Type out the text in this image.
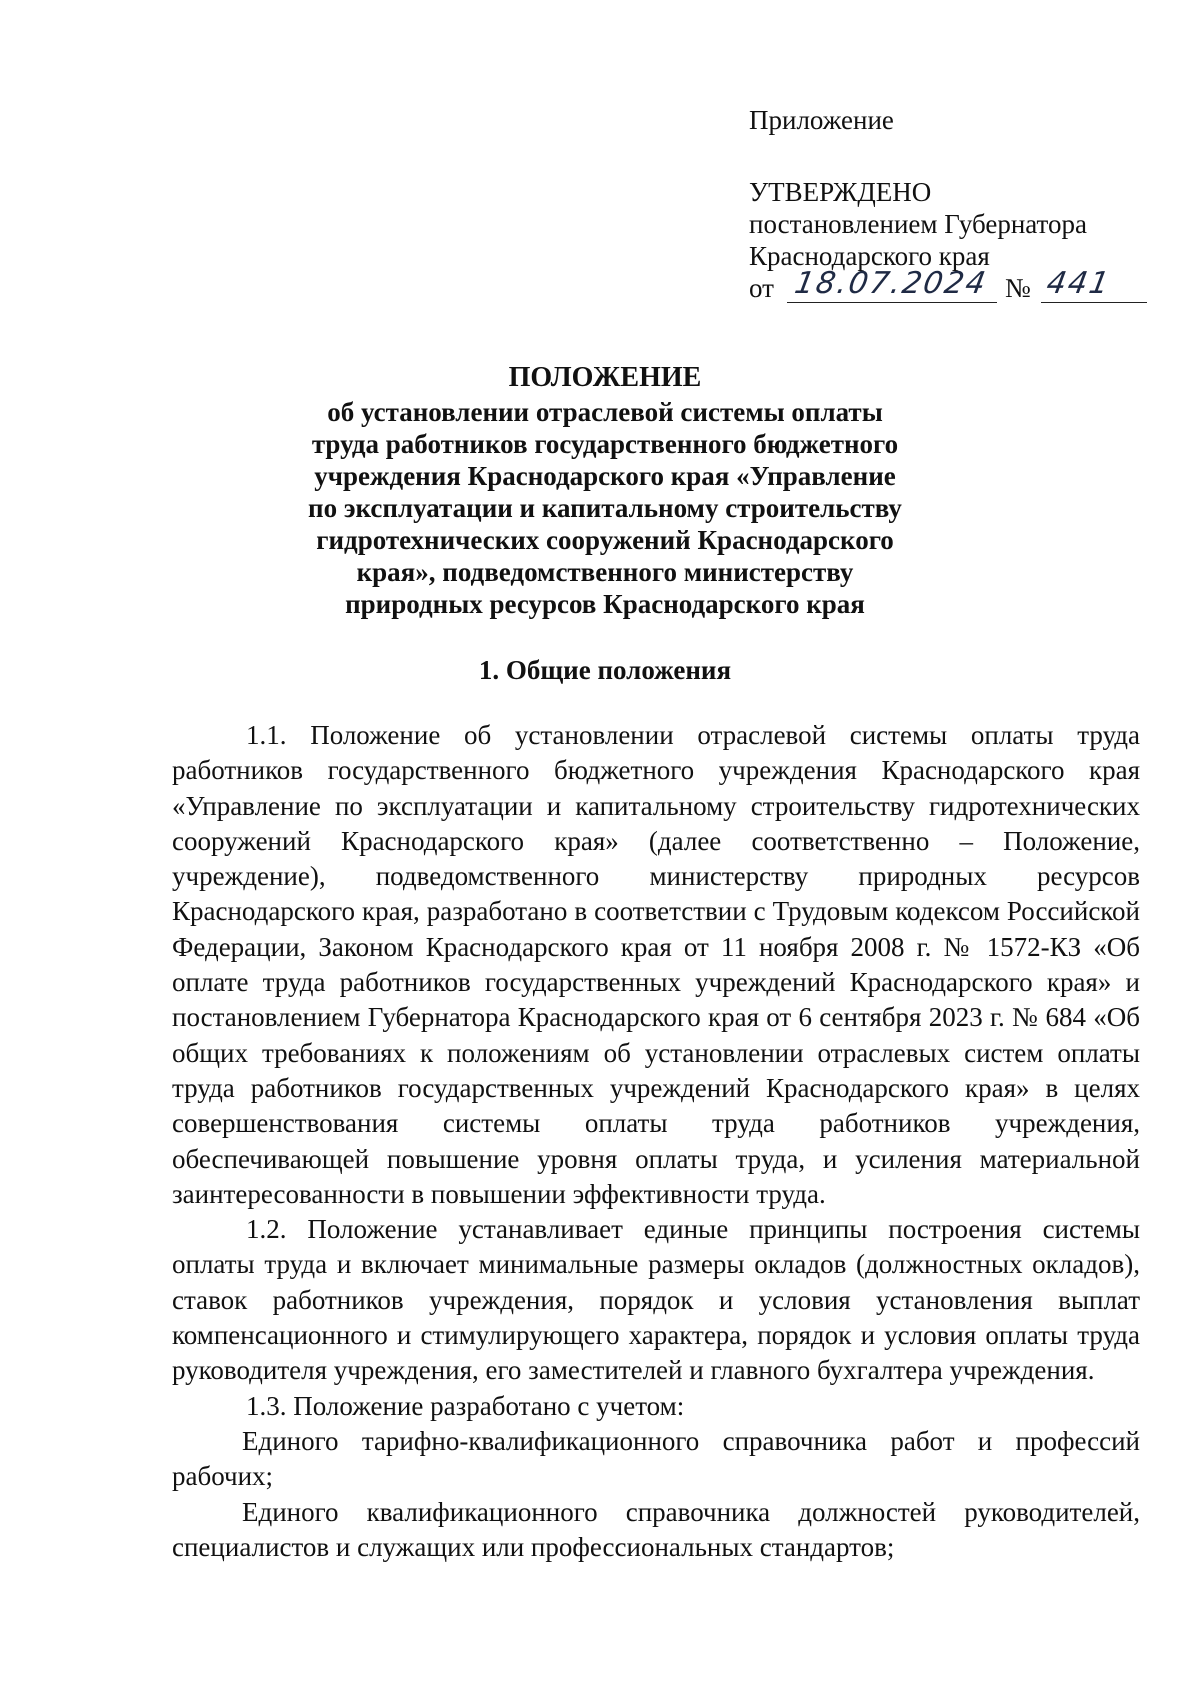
Приложение

УТВЕРЖДЕНО

постановлением Губернатора

Краснодарского края

от 18.07.2024 № 441

ПОЛОЖЕНИЕ

об установлении отраслевой системы оплаты

труда работников государственного бюджетного

учреждения Краснодарского края «Управление

по эксплуатации и капитальному строительству

гидротехнических сооружений Краснодарского

края», подведомственного министерству

природных ресурсов Краснодарского края

1. Общие положения

1.1. Положение об установлении отраслевой системы оплаты труда работников государственного бюджетного учреждения Краснодарского края «Управление по эксплуатации и капитальному строительству гидротехнических сооружений Краснодарского края» (далее соответственно – Положение, учреждение), подведомственного министерству природных ресурсов Краснодарского края, разработано в соответствии с Трудовым кодексом Российской Федерации, Законом Краснодарского края от 11 ноября 2008 г. № 1572-КЗ «Об оплате труда работников государственных учреждений Краснодарского края» и постановлением Губернатора Краснодарского края от 6 сентября 2023 г. № 684 «Об общих требованиях к положениям об установлении отраслевых систем оплаты труда работников государственных учреждений Краснодарского края» в целях совершенствования системы оплаты труда работников учреждения, обеспечивающей повышение уровня оплаты труда, и усиления материальной заинтересованности в повышении эффективности труда.

1.2. Положение устанавливает единые принципы построения системы оплаты труда и включает минимальные размеры окладов (должностных окладов), ставок работников учреждения, порядок и условия установления выплат компенсационного и стимулирующего характера, порядок и условия оплаты труда руководителя учреждения, его заместителей и главного бухгалтера учреждения.

1.3. Положение разработано с учетом:

Единого тарифно-квалификационного справочника работ и профессий рабочих;

Единого квалификационного справочника должностей руководителей, специалистов и служащих или профессиональных стандартов;
